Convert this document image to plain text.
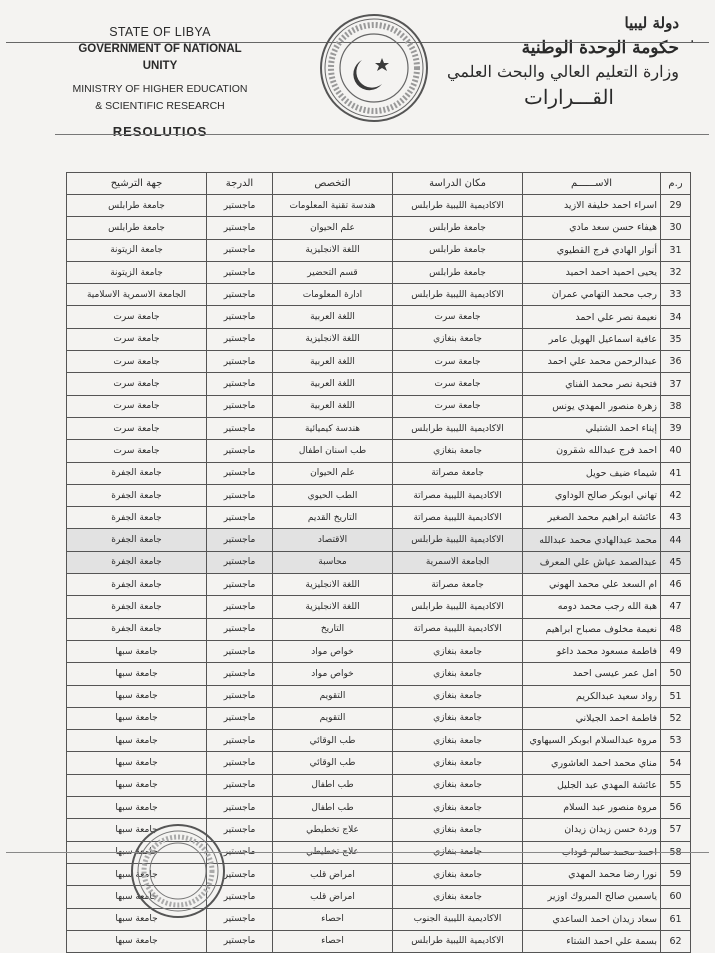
.
STATE OF LIBYA
GOVERNMENT OF NATIONAL UNITY
MINISTRY OF HIGHER EDUCATION
& SCIENTIFIC RESEARCH
RESOLUTIOS
دولة ليبيا
حكومة الوحدة الوطنية
وزارة التعليم العالي والبحث العلمي
القـــرارات
ر.م	الاســــــم	مكان الدراسة	التخصص	الدرجة	جهة الترشيح
29	اسراء احمد خليفة الازيد	الاكاديمية الليبية طرابلس	هندسة تقنية المعلومات	ماجستير	جامعة طرابلس
30	هيفاء حسن سعد مادي	جامعة طرابلس	علم الحيوان	ماجستير	جامعة طرابلس
31	أنوار الهادي فرج القطيوي	جامعة طرابلس	اللغة الانجليزية	ماجستير	جامعة الزيتونة
32	يحيى احميد احمد احميد	جامعة طرابلس	قسم التحضير	ماجستير	جامعة الزيتونة
33	رجب محمد التهامي عمران	الاكاديمية الليبية طرابلس	ادارة المعلومات	ماجستير	الجامعة الاسمرية الاسلامية
34	نعيمة نصر علي احمد	جامعة سرت	اللغة العربية	ماجستير	جامعة سرت
35	عافية اسماعيل الهويل عامر	جامعة بنغازي	اللغة الانجليزية	ماجستير	جامعة سرت
36	عبدالرحمن محمد علي احمد	جامعة سرت	اللغة العربية	ماجستير	جامعة سرت
37	فتحية نصر محمد الفناي	جامعة سرت	اللغة العربية	ماجستير	جامعة سرت
38	زهرة منصور المهدي يونس	جامعة سرت	اللغة العربية	ماجستير	جامعة سرت
39	إيناء احمد الشتيلي	الاكاديمية الليبية طرابلس	هندسة كيميائية	ماجستير	جامعة سرت
40	احمد فرج عبدالله شقرون	جامعة بنغازي	طب اسنان اطفال	ماجستير	جامعة سرت
41	شيماء ضيف حويل	جامعة مصراتة	علم الحيوان	ماجستير	جامعة الجفرة
42	تهاني ابوبكر صالح الوداوي	الاكاديمية الليبية مصراتة	الطب الحيوي	ماجستير	جامعة الجفرة
43	عائشة ابراهيم محمد الصغير	الاكاديمية الليبية مصراتة	التاريخ القديم	ماجستير	جامعة الجفرة
44	محمد عبدالهادي محمد عبدالله	الاكاديمية الليبية طرابلس	الاقتصاد	ماجستير	جامعة الجفرة
45	عبدالصمد عياش علي المعرف	الجامعة الاسمرية	محاسبة	ماجستير	جامعة الجفرة
46	ام السعد علي محمد الهوني	جامعة مصراتة	اللغة الانجليزية	ماجستير	جامعة الجفرة
47	هبة الله رجب محمد دومه	الاكاديمية الليبية طرابلس	اللغة الانجليزية	ماجستير	جامعة الجفرة
48	نعيمة مخلوف مصباح ابراهيم	الاكاديمية الليبية مصراتة	التاريخ	ماجستير	جامعة الجفرة
49	فاطمة مسعود محمد داغو	جامعة بنغازي	خواص مواد	ماجستير	جامعة سبها
50	امل عمر عيسى احمد	جامعة بنغازي	خواص مواد	ماجستير	جامعة سبها
51	رواد سعيد عبدالكريم	جامعة بنغازي	التقويم	ماجستير	جامعة سبها
52	فاطمة احمد الجيلاني	جامعة بنغازي	التقويم	ماجستير	جامعة سبها
53	مروة عبدالسلام ابوبكر السيهاوي	جامعة بنغازي	طب الوقائي	ماجستير	جامعة سبها
54	مناي محمد احمد العاشوري	جامعة بنغازي	طب الوقائي	ماجستير	جامعة سبها
55	عائشة المهدي عبد الجليل	جامعة بنغازي	طب اطفال	ماجستير	جامعة سبها
56	مروة منصور عبد السلام	جامعة بنغازي	طب اطفال	ماجستير	جامعة سبها
57	وردة حسن زيدان زيدان	جامعة بنغازي	علاج تخطيطي	ماجستير	جامعة سبها
58	احمد محمد سالم قوداب	جامعة بنغازي	علاج تخطيطي	ماجستير	جامعة سبها
59	نورا رضا محمد المهدي	جامعة بنغازي	امراض قلب	ماجستير	جامعة سبها
60	ياسمين صالح المبروك اوزير	جامعة بنغازي	امراض قلب	ماجستير	جامعة سبها
61	سعاد زيدان احمد الساعدي	الاكاديمية الليبية الجنوب	احصاء	ماجستير	جامعة سبها
62	بسمة علي احمد الشتاء	الاكاديمية الليبية طرابلس	احصاء	ماجستير	جامعة سبها
